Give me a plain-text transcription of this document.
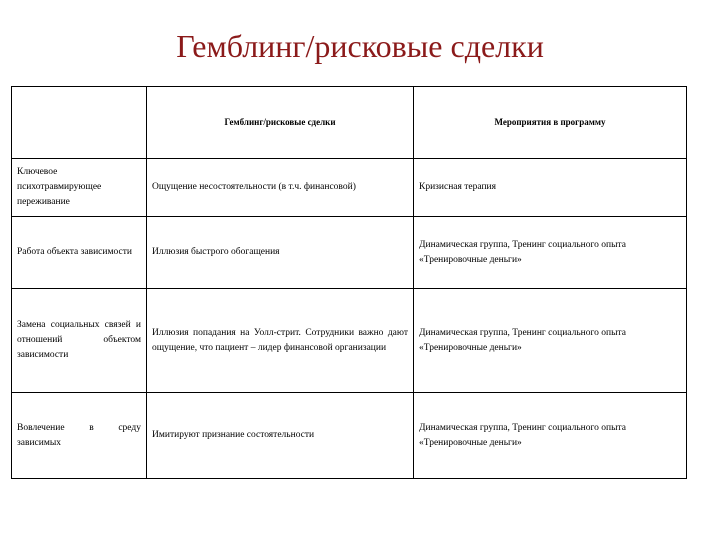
Гемблинг/рисковые сделки
	Гемблинг/рисковые сделки	Мероприятия в программу
Ключевое психотравмирующее переживание	Ощущение несостоятельности (в т.ч. финансовой)	Кризисная терапия
Работа объекта зависимости	Иллюзия быстрого обогащения	Динамическая группа, Тренинг социального опыта «Тренировочные деньги»
Замена социальных связей и отношений объектом зависимости	Иллюзия попадания на Уолл-стрит. Сотрудники важно дают ощущение, что пациент – лидер финансовой организации	Динамическая группа, Тренинг социального опыта «Тренировочные деньги»
Вовлечение в среду зависимых	Имитируют признание состоятельности	Динамическая группа, Тренинг социального опыта «Тренировочные деньги»
